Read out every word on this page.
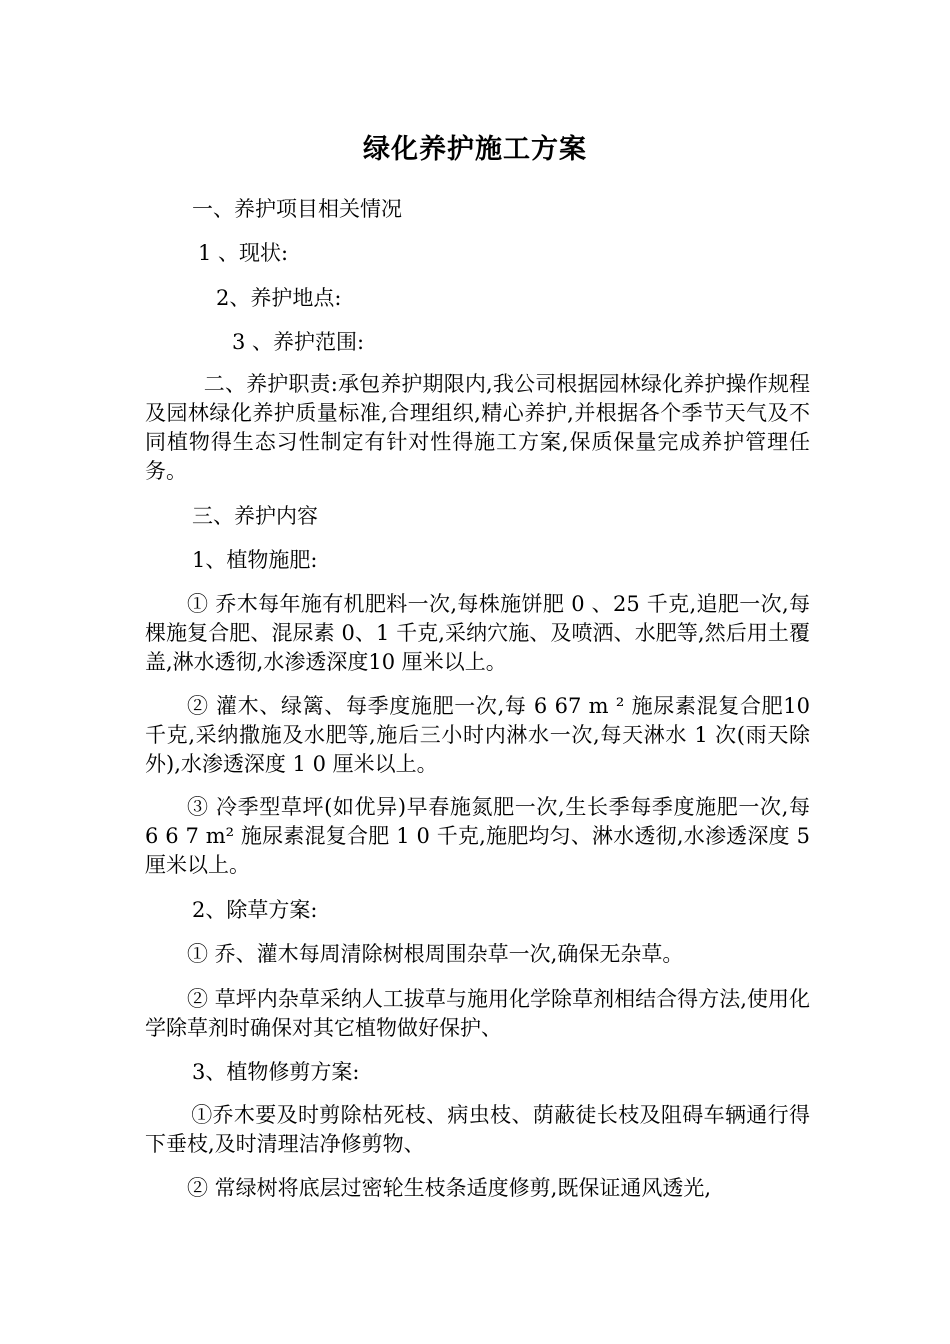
绿化养护施工方案
一、养护项目相关情况
1 、现状:
2、养护地点:
3 、养护范围:
二、养护职责:承包养护期限内,我公司根据园林绿化养护操作规程及园林绿化养护质量标准,合理组织,精心养护,并根据各个季节天气及不同植物得生态习性制定有针对性得施工方案,保质保量完成养护管理任务。
三、养护内容
1、植物施肥:
① 乔木每年施有机肥料一次,每株施饼肥 0 、25 千克,追肥一次,每棵施复合肥、混尿素 0、1 千克,采纳穴施、及喷洒、水肥等,然后用土覆盖,淋水透彻,水渗透深度10 厘米以上。
② 灌木、绿篱、每季度施肥一次,每 6 67 m ² 施尿素混复合肥10 千克,采纳撒施及水肥等,施后三小时内淋水一次,每天淋水 1 次(雨天除外),水渗透深度 1 0 厘米以上。
③ 冷季型草坪(如优异)早春施氮肥一次,生长季每季度施肥一次,每 6 6 7 m² 施尿素混复合肥 1 0 千克,施肥均匀、淋水透彻,水渗透深度 5 厘米以上。
2、除草方案:
① 乔、灌木每周清除树根周围杂草一次,确保无杂草。
② 草坪内杂草采纳人工拔草与施用化学除草剂相结合得方法,使用化学除草剂时确保对其它植物做好保护、
3、植物修剪方案:
①乔木要及时剪除枯死枝、病虫枝、荫蔽徒长枝及阻碍车辆通行得下垂枝,及时清理洁净修剪物、
② 常绿树将底层过密轮生枝条适度修剪,既保证通风透光,
